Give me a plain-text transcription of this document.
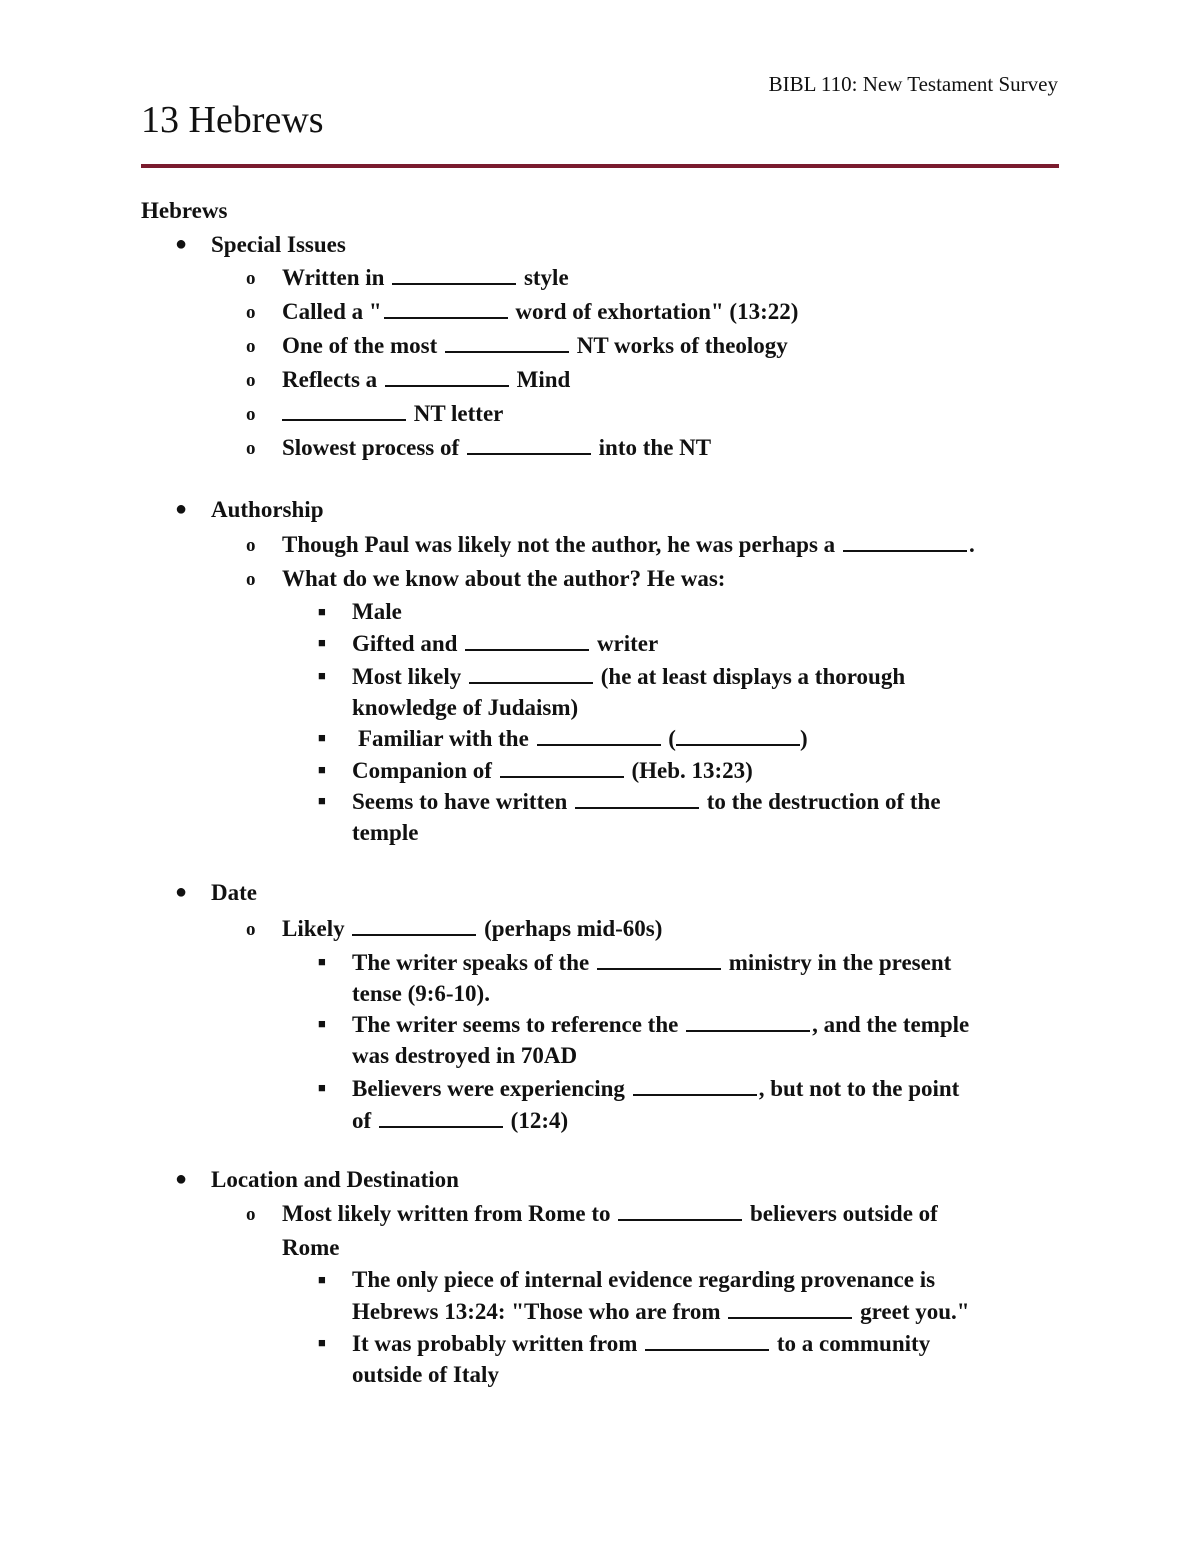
BIBL 110: New Testament Survey
13 Hebrews
Hebrews
● Special Issues
o Written in	style
o Called a "	word of exhortation" (13:22)
o One of the most	NT works of theology
o Reflects a	Mind
o	NT letter
o Slowest process of	into the NT
● Authorship
o Though Paul was likely not the author, he was perhaps a	.
o What do we know about the author? He was:
■ Male
■ Gifted and	writer
■ Most likely	(he at least displays a thorough
knowledge of Judaism)
■ Familiar with the	(	)
■ Companion of	(Heb. 13:23)
■ Seems to have written	to the destruction of the
temple
● Date
o Likely	(perhaps mid-60s)
■ The writer speaks of the	ministry in the present
tense (9:6-10).
■ The writer seems to reference the	, and the temple
was destroyed in 70AD
■ Believers were experiencing	, but not to the point
of	(12:4)
● Location and Destination
o Most likely written from Rome to	believers outside of
Rome
■ The only piece of internal evidence regarding provenance is
Hebrews 13:24: "Those who are from	greet you."
■ It was probably written from	to a community
outside of Italy
